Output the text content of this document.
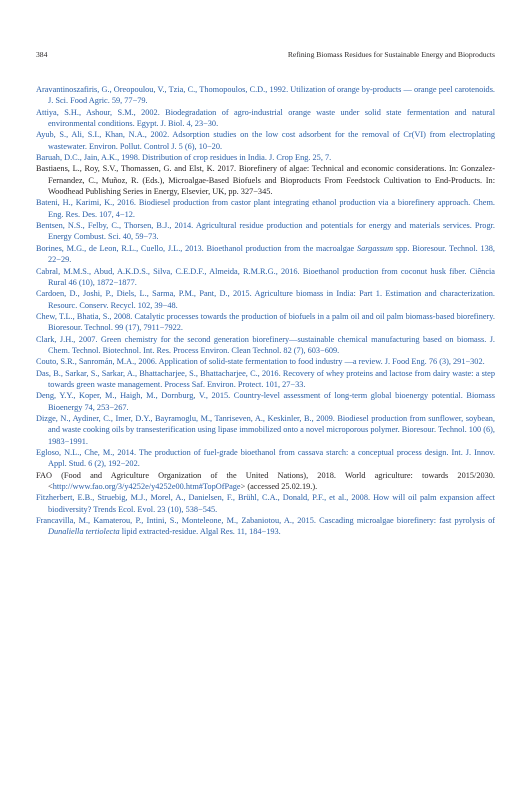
384	Refining Biomass Residues for Sustainable Energy and Bioproducts

Aravantinoszafiris, G., Oreopoulou, V., Tzia, C., Thomopoulos, C.D., 1992. Utilization of orange by-products — orange peel carotenoids. J. Sci. Food Agric. 59, 77−79.

Attiya, S.H., Ashour, S.M., 2002. Biodegradation of agro-industrial orange waste under solid state fermentation and natural environmental conditions. Egypt. J. Biol. 4, 23−30.

Ayub, S., Ali, S.I., Khan, N.A., 2002. Adsorption studies on the low cost adsorbent for the removal of Cr(VI) from electroplating wastewater. Environ. Pollut. Control J. 5 (6), 10−20.

Baruah, D.C., Jain, A.K., 1998. Distribution of crop residues in India. J. Crop Eng. 25, 7.

Bastiaens, L., Roy, S.V., Thomassen, G. and Elst, K. 2017. Biorefinery of algae: Technical and economic considerations. In: Gonzalez-Fernandez, C., Muñoz, R. (Eds.), Microalgae-Based Biofuels and Bioproducts From Feedstock Cultivation to End-Products. In: Woodhead Publishing Series in Energy, Elsevier, UK, pp. 327−345.

Bateni, H., Karimi, K., 2016. Biodiesel production from castor plant integrating ethanol production via a biorefinery approach. Chem. Eng. Res. Des. 107, 4−12.

Bentsen, N.S., Felby, C., Thorsen, B.J., 2014. Agricultural residue production and potentials for energy and materials services. Progr. Energy Combust. Sci. 40, 59−73.

Borines, M.G., de Leon, R.L., Cuello, J.L., 2013. Bioethanol production from the macroalgae Sargassum spp. Bioresour. Technol. 138, 22−29.

Cabral, M.M.S., Abud, A.K.D.S., Silva, C.E.D.F., Almeida, R.M.R.G., 2016. Bioethanol production from coconut husk fiber. Ciência Rural 46 (10), 1872−1877.

Cardoen, D., Joshi, P., Diels, L., Sarma, P.M., Pant, D., 2015. Agriculture biomass in India: Part 1. Estimation and characterization. Resourc. Conserv. Recycl. 102, 39−48.

Chew, T.L., Bhatia, S., 2008. Catalytic processes towards the production of biofuels in a palm oil and oil palm biomass-based biorefinery. Bioresour. Technol. 99 (17), 7911−7922.

Clark, J.H., 2007. Green chemistry for the second generation biorefinery—sustainable chemical manufacturing based on biomass. J. Chem. Technol. Biotechnol. Int. Res. Process Environ. Clean Technol. 82 (7), 603−609.

Couto, S.R., Sanromán, M.A., 2006. Application of solid-state fermentation to food industry —a review. J. Food Eng. 76 (3), 291−302.

Das, B., Sarkar, S., Sarkar, A., Bhattacharjee, S., Bhattacharjee, C., 2016. Recovery of whey proteins and lactose from dairy waste: a step towards green waste management. Process Saf. Environ. Protect. 101, 27−33.

Deng, Y.Y., Koper, M., Haigh, M., Dornburg, V., 2015. Country-level assessment of long-term global bioenergy potential. Biomass Bioenergy 74, 253−267.

Dizge, N., Aydiner, C., Imer, D.Y., Bayramoglu, M., Tanriseven, A., Keskinler, B., 2009. Biodiesel production from sunflower, soybean, and waste cooking oils by transesterification using lipase immobilized onto a novel microporous polymer. Bioresour. Technol. 100 (6), 1983−1991.

Egloso, N.L., Che, M., 2014. The production of fuel-grade bioethanol from cassava starch: a conceptual process design. Int. J. Innov. Appl. Stud. 6 (2), 192−202.

FAO (Food and Agriculture Organization of the United Nations), 2018. World agriculture: towards 2015/2030. <http://www.fao.org/3/y4252e/y4252e00.htm#TopOfPage> (accessed 25.02.19.).

Fitzherbert, E.B., Struebig, M.J., Morel, A., Danielsen, F., Brühl, C.A., Donald, P.F., et al., 2008. How will oil palm expansion affect biodiversity? Trends Ecol. Evol. 23 (10), 538−545.

Francavilla, M., Kamaterou, P., Intini, S., Monteleone, M., Zabaniotou, A., 2015. Cascading microalgae biorefinery: fast pyrolysis of Dunaliella tertiolecta lipid extracted-residue. Algal Res. 11, 184−193.
